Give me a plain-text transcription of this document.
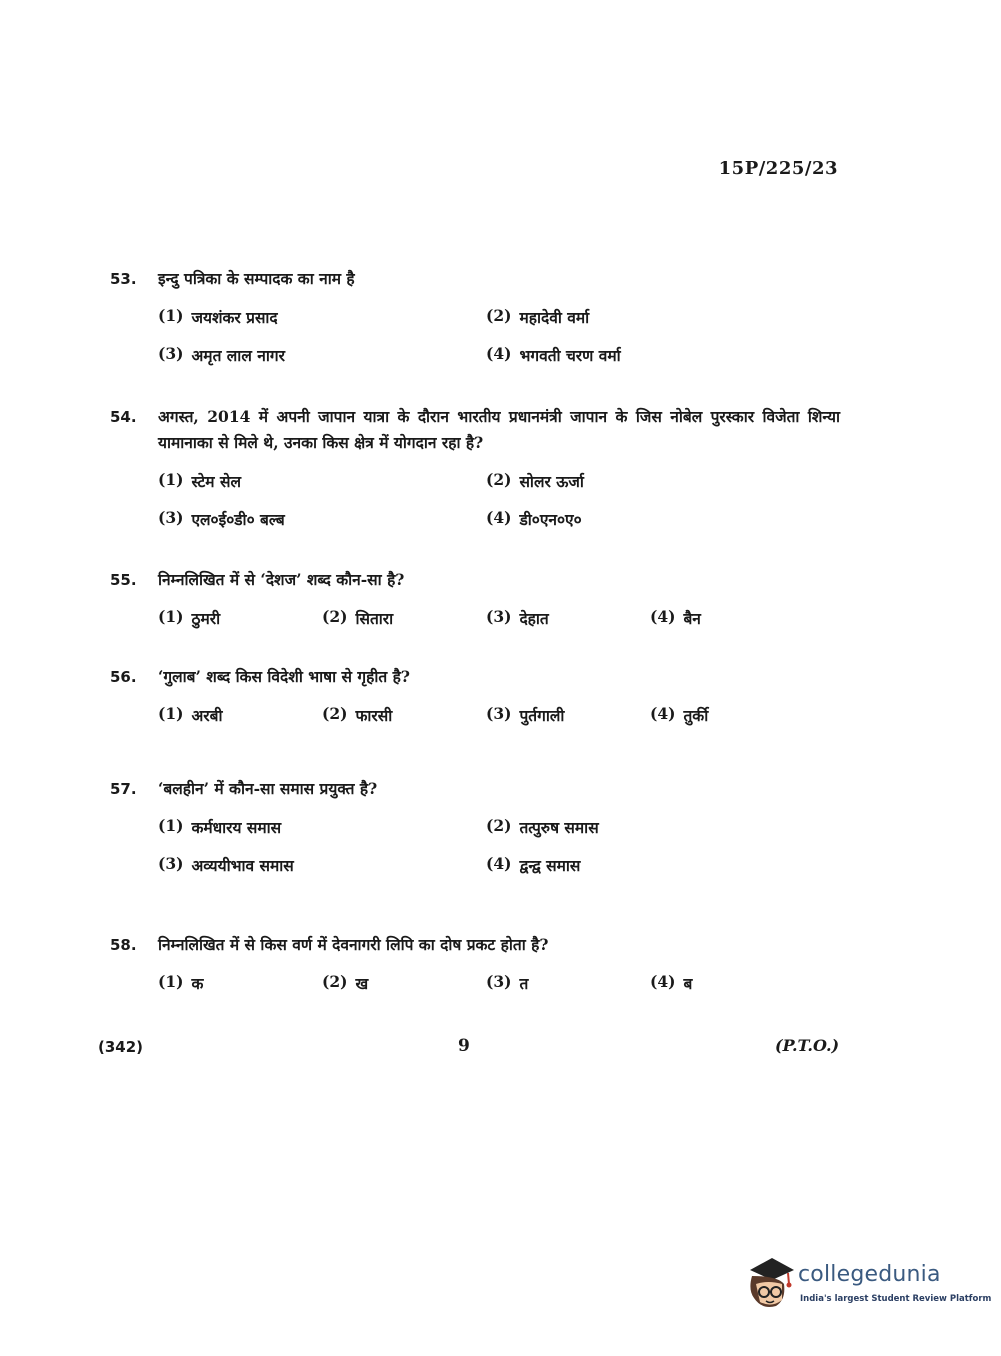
15P/225/23
53.	इन्दु पत्रिका के सम्पादक का नाम है
(1) जयशंकर प्रसाद	(2) महादेवी वर्मा
(3) अमृत लाल नागर	(4) भगवती चरण वर्मा
54.	अगस्त, 2014 में अपनी जापान यात्रा के दौरान भारतीय प्रधानमंत्री जापान के जिस नोबेल पुरस्कार विजेता शिन्या यामानाका से मिले थे, उनका किस क्षेत्र में योगदान रहा है?
(1) स्टेम सेल	(2) सोलर ऊर्जा
(3) एल०ई०डी० बल्ब	(4) डी०एन०ए०
55.	निम्नलिखित में से ‘देशज’ शब्द कौन-सा है?
(1) ठुमरी	(2) सितारा	(3) देहात	(4) बैन
56.	‘गुलाब’ शब्द किस विदेशी भाषा से गृहीत है?
(1) अरबी	(2) फारसी	(3) पुर्तगाली	(4) तुर्की
57.	‘बलहीन’ में कौन-सा समास प्रयुक्त है?
(1) कर्मधारय समास	(2) तत्पुरुष समास
(3) अव्ययीभाव समास	(4) द्वन्द्व समास
58.	निम्नलिखित में से किस वर्ण में देवनागरी लिपि का दोष प्रकट होता है?
(1) क	(2) ख	(3) त	(4) ब
(342)	9	(P.T.O.)
collegedunia
India's largest Student Review Platform
